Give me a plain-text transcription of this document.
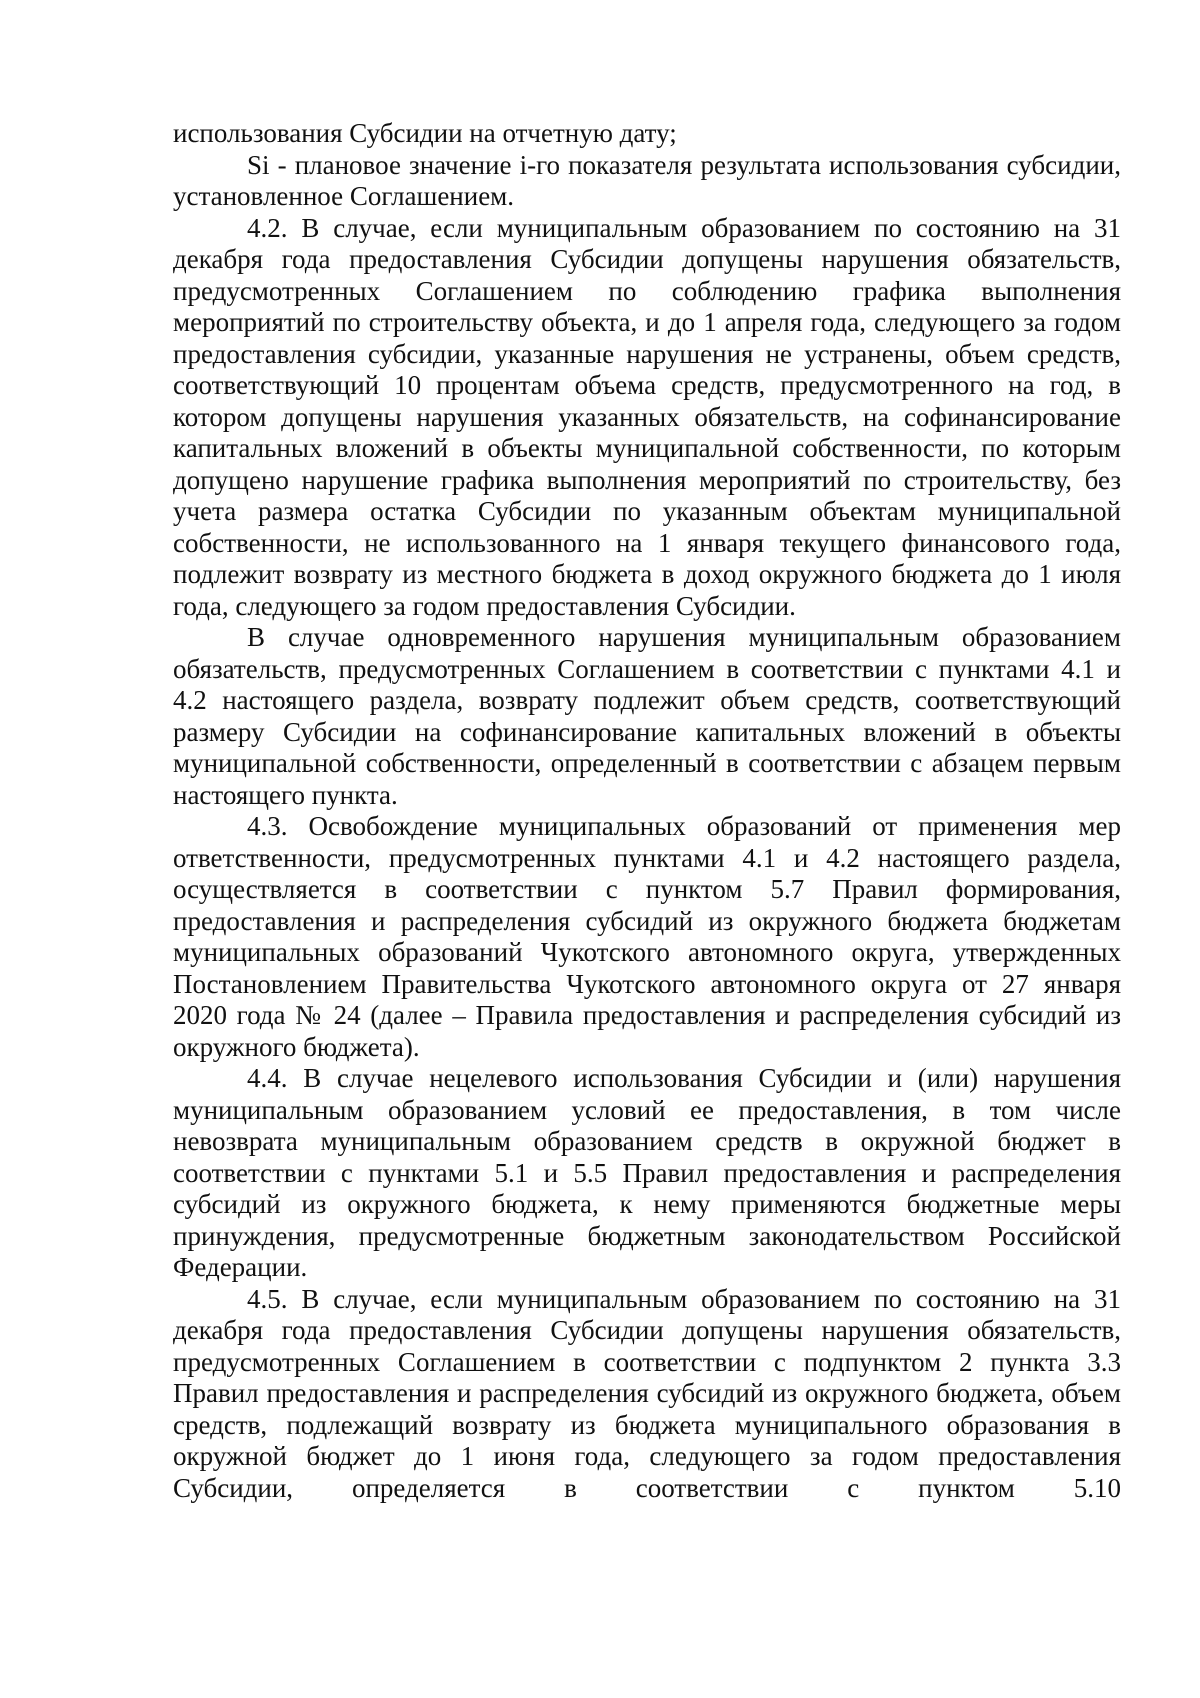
использования Субсидии на отчетную дату;

Si - плановое значение i-го показателя результата использования субсидии, установленное Соглашением.

4.2. В случае, если муниципальным образованием по состоянию на 31 декабря года предоставления Субсидии допущены нарушения обязательств, предусмотренных Соглашением по соблюдению графика выполнения мероприятий по строительству объекта, и до 1 апреля года, следующего за годом предоставления субсидии, указанные нарушения не устранены, объем средств, соответствующий 10 процентам объема средств, предусмотренного на год, в котором допущены нарушения указанных обязательств, на софинансирование капитальных вложений в объекты муниципальной собственности, по которым допущено нарушение графика выполнения мероприятий по строительству, без учета размера остатка Субсидии по указанным объектам муниципальной собственности, не использованного на 1 января текущего финансового года, подлежит возврату из местного бюджета в доход окружного бюджета до 1 июля года, следующего за годом предоставления Субсидии.

В случае одновременного нарушения муниципальным образованием обязательств, предусмотренных Соглашением в соответствии с пунктами 4.1 и 4.2 настоящего раздела, возврату подлежит объем средств, соответствующий размеру Субсидии на софинансирование капитальных вложений в объекты муниципальной собственности, определенный в соответствии с абзацем первым настоящего пункта.

4.3. Освобождение муниципальных образований от применения мер ответственности, предусмотренных пунктами 4.1 и 4.2 настоящего раздела, осуществляется в соответствии с пунктом 5.7 Правил формирования, предоставления и распределения субсидий из окружного бюджета бюджетам муниципальных образований Чукотского автономного округа, утвержденных Постановлением Правительства Чукотского автономного округа от 27 января 2020 года № 24 (далее – Правила предоставления и распределения субсидий из окружного бюджета).

4.4. В случае нецелевого использования Субсидии и (или) нарушения муниципальным образованием условий ее предоставления, в том числе невозврата муниципальным образованием средств в окружной бюджет в соответствии с пунктами 5.1 и 5.5 Правил предоставления и распределения субсидий из окружного бюджета, к нему применяются бюджетные меры принуждения, предусмотренные бюджетным законодательством Российской Федерации.

4.5. В случае, если муниципальным образованием по состоянию на 31 декабря года предоставления Субсидии допущены нарушения обязательств, предусмотренных Соглашением в соответствии с подпунктом 2 пункта 3.3 Правил предоставления и распределения субсидий из окружного бюджета, объем средств, подлежащий возврату из бюджета муниципального образования в окружной бюджет до 1 июня года, следующего за годом предоставления Субсидии, определяется в соответствии с пунктом 5.10
